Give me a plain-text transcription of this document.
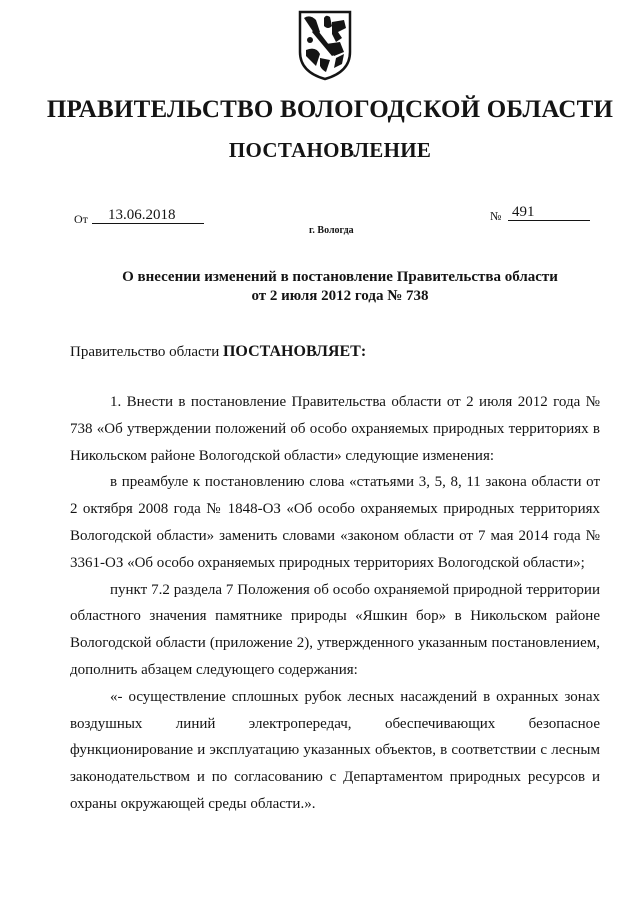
ПРАВИТЕЛЬСТВО ВОЛОГОДСКОЙ ОБЛАСТИ
ПОСТАНОВЛЕНИЕ
От	13.06.2018	№ 491
г. Вологда
О внесении изменений в постановление Правительства области
от 2 июля 2012 года № 738
Правительство области ПОСТАНОВЛЯЕТ:

1. Внести в постановление Правительства области от 2 июля 2012 года № 738 «Об утверждении положений об особо охраняемых природных территориях в Никольском районе Вологодской области» следующие изменения:

в преамбуле к постановлению слова «статьями 3, 5, 8, 11 закона области от 2 октября 2008 года № 1848-ОЗ «Об особо охраняемых природных территориях Вологодской области» заменить словами «законом области от 7 мая 2014 года № 3361-ОЗ «Об особо охраняемых природных территориях Вологодской области»;

пункт 7.2 раздела 7 Положения об особо охраняемой природной территории областного значения памятнике природы «Яшкин бор» в Никольском районе Вологодской области (приложение 2), утвержденного указанным постановлением, дополнить абзацем следующего содержания:

«- осуществление сплошных рубок лесных насаждений в охранных зонах воздушных линий электропередач, обеспечивающих безопасное функционирование и эксплуатацию указанных объектов, в соответствии с лесным законодательством и по согласованию с Департаментом природных ресурсов и охраны окружающей среды области.».
